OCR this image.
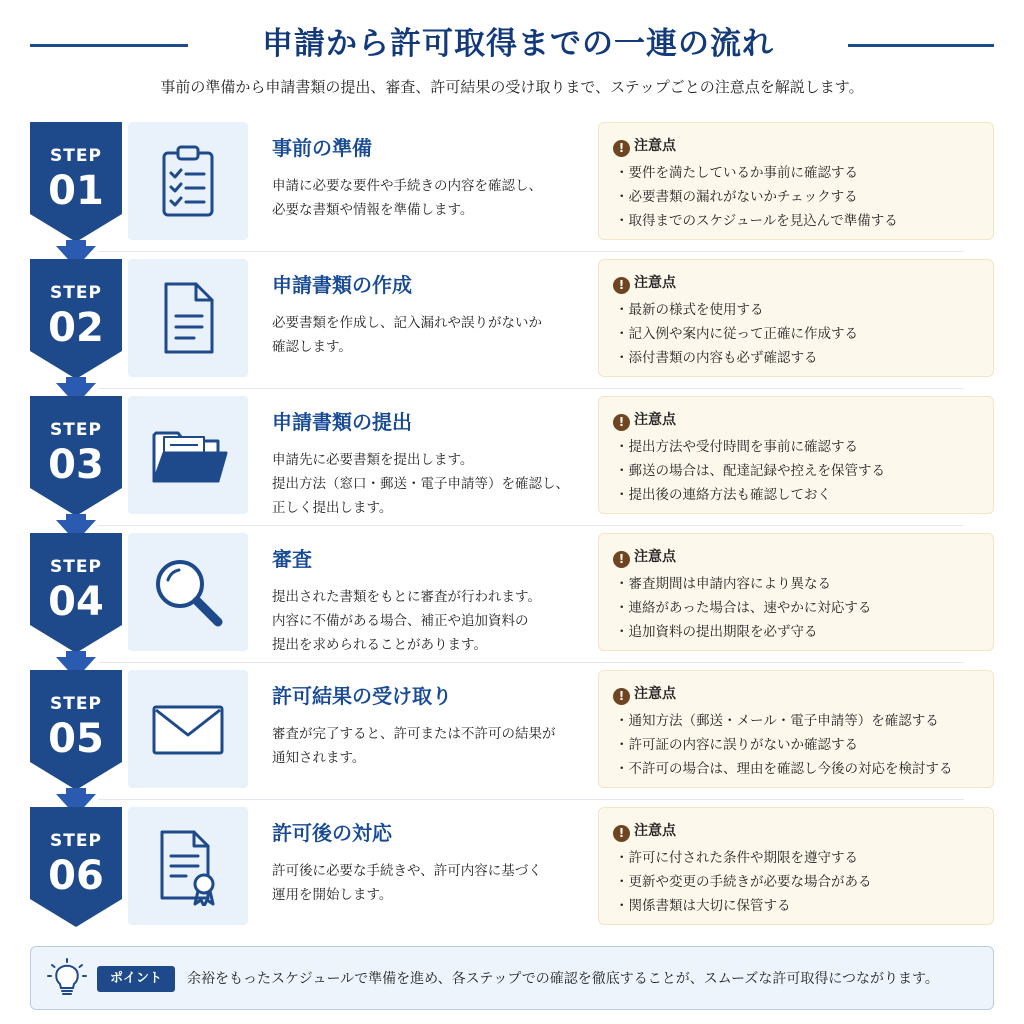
申請から許可取得までの一連の流れ
事前の準備から申請書類の提出、審査、許可結果の受け取りまで、ステップごとの注意点を解説します。
STEP
01
事前の準備
申請に必要な要件や手続きの内容を確認し、
必要な書類や情報を準備します。
! 注意点
・要件を満たしているか事前に確認する
・必要書類の漏れがないかチェックする
・取得までのスケジュールを見込んで準備する
STEP
02
申請書類の作成
必要書類を作成し、記入漏れや誤りがないか
確認します。
! 注意点
・最新の様式を使用する
・記入例や案内に従って正確に作成する
・添付書類の内容も必ず確認する
STEP
03
申請書類の提出
申請先に必要書類を提出します。
提出方法（窓口・郵送・電子申請等）を確認し、
正しく提出します。
! 注意点
・提出方法や受付時間を事前に確認する
・郵送の場合は、配達記録や控えを保管する
・提出後の連絡方法も確認しておく
STEP
04
審査
提出された書類をもとに審査が行われます。
内容に不備がある場合、補正や追加資料の
提出を求められることがあります。
! 注意点
・審査期間は申請内容により異なる
・連絡があった場合は、速やかに対応する
・追加資料の提出期限を必ず守る
STEP
05
許可結果の受け取り
審査が完了すると、許可または不許可の結果が
通知されます。
! 注意点
・通知方法（郵送・メール・電子申請等）を確認する
・許可証の内容に誤りがないか確認する
・不許可の場合は、理由を確認し今後の対応を検討する
STEP
06
許可後の対応
許可後に必要な手続きや、許可内容に基づく
運用を開始します。
! 注意点
・許可に付された条件や期限を遵守する
・更新や変更の手続きが必要な場合がある
・関係書類は大切に保管する
ポイント	余裕をもったスケジュールで準備を進め、各ステップでの確認を徹底することが、スムーズな許可取得につながります。
